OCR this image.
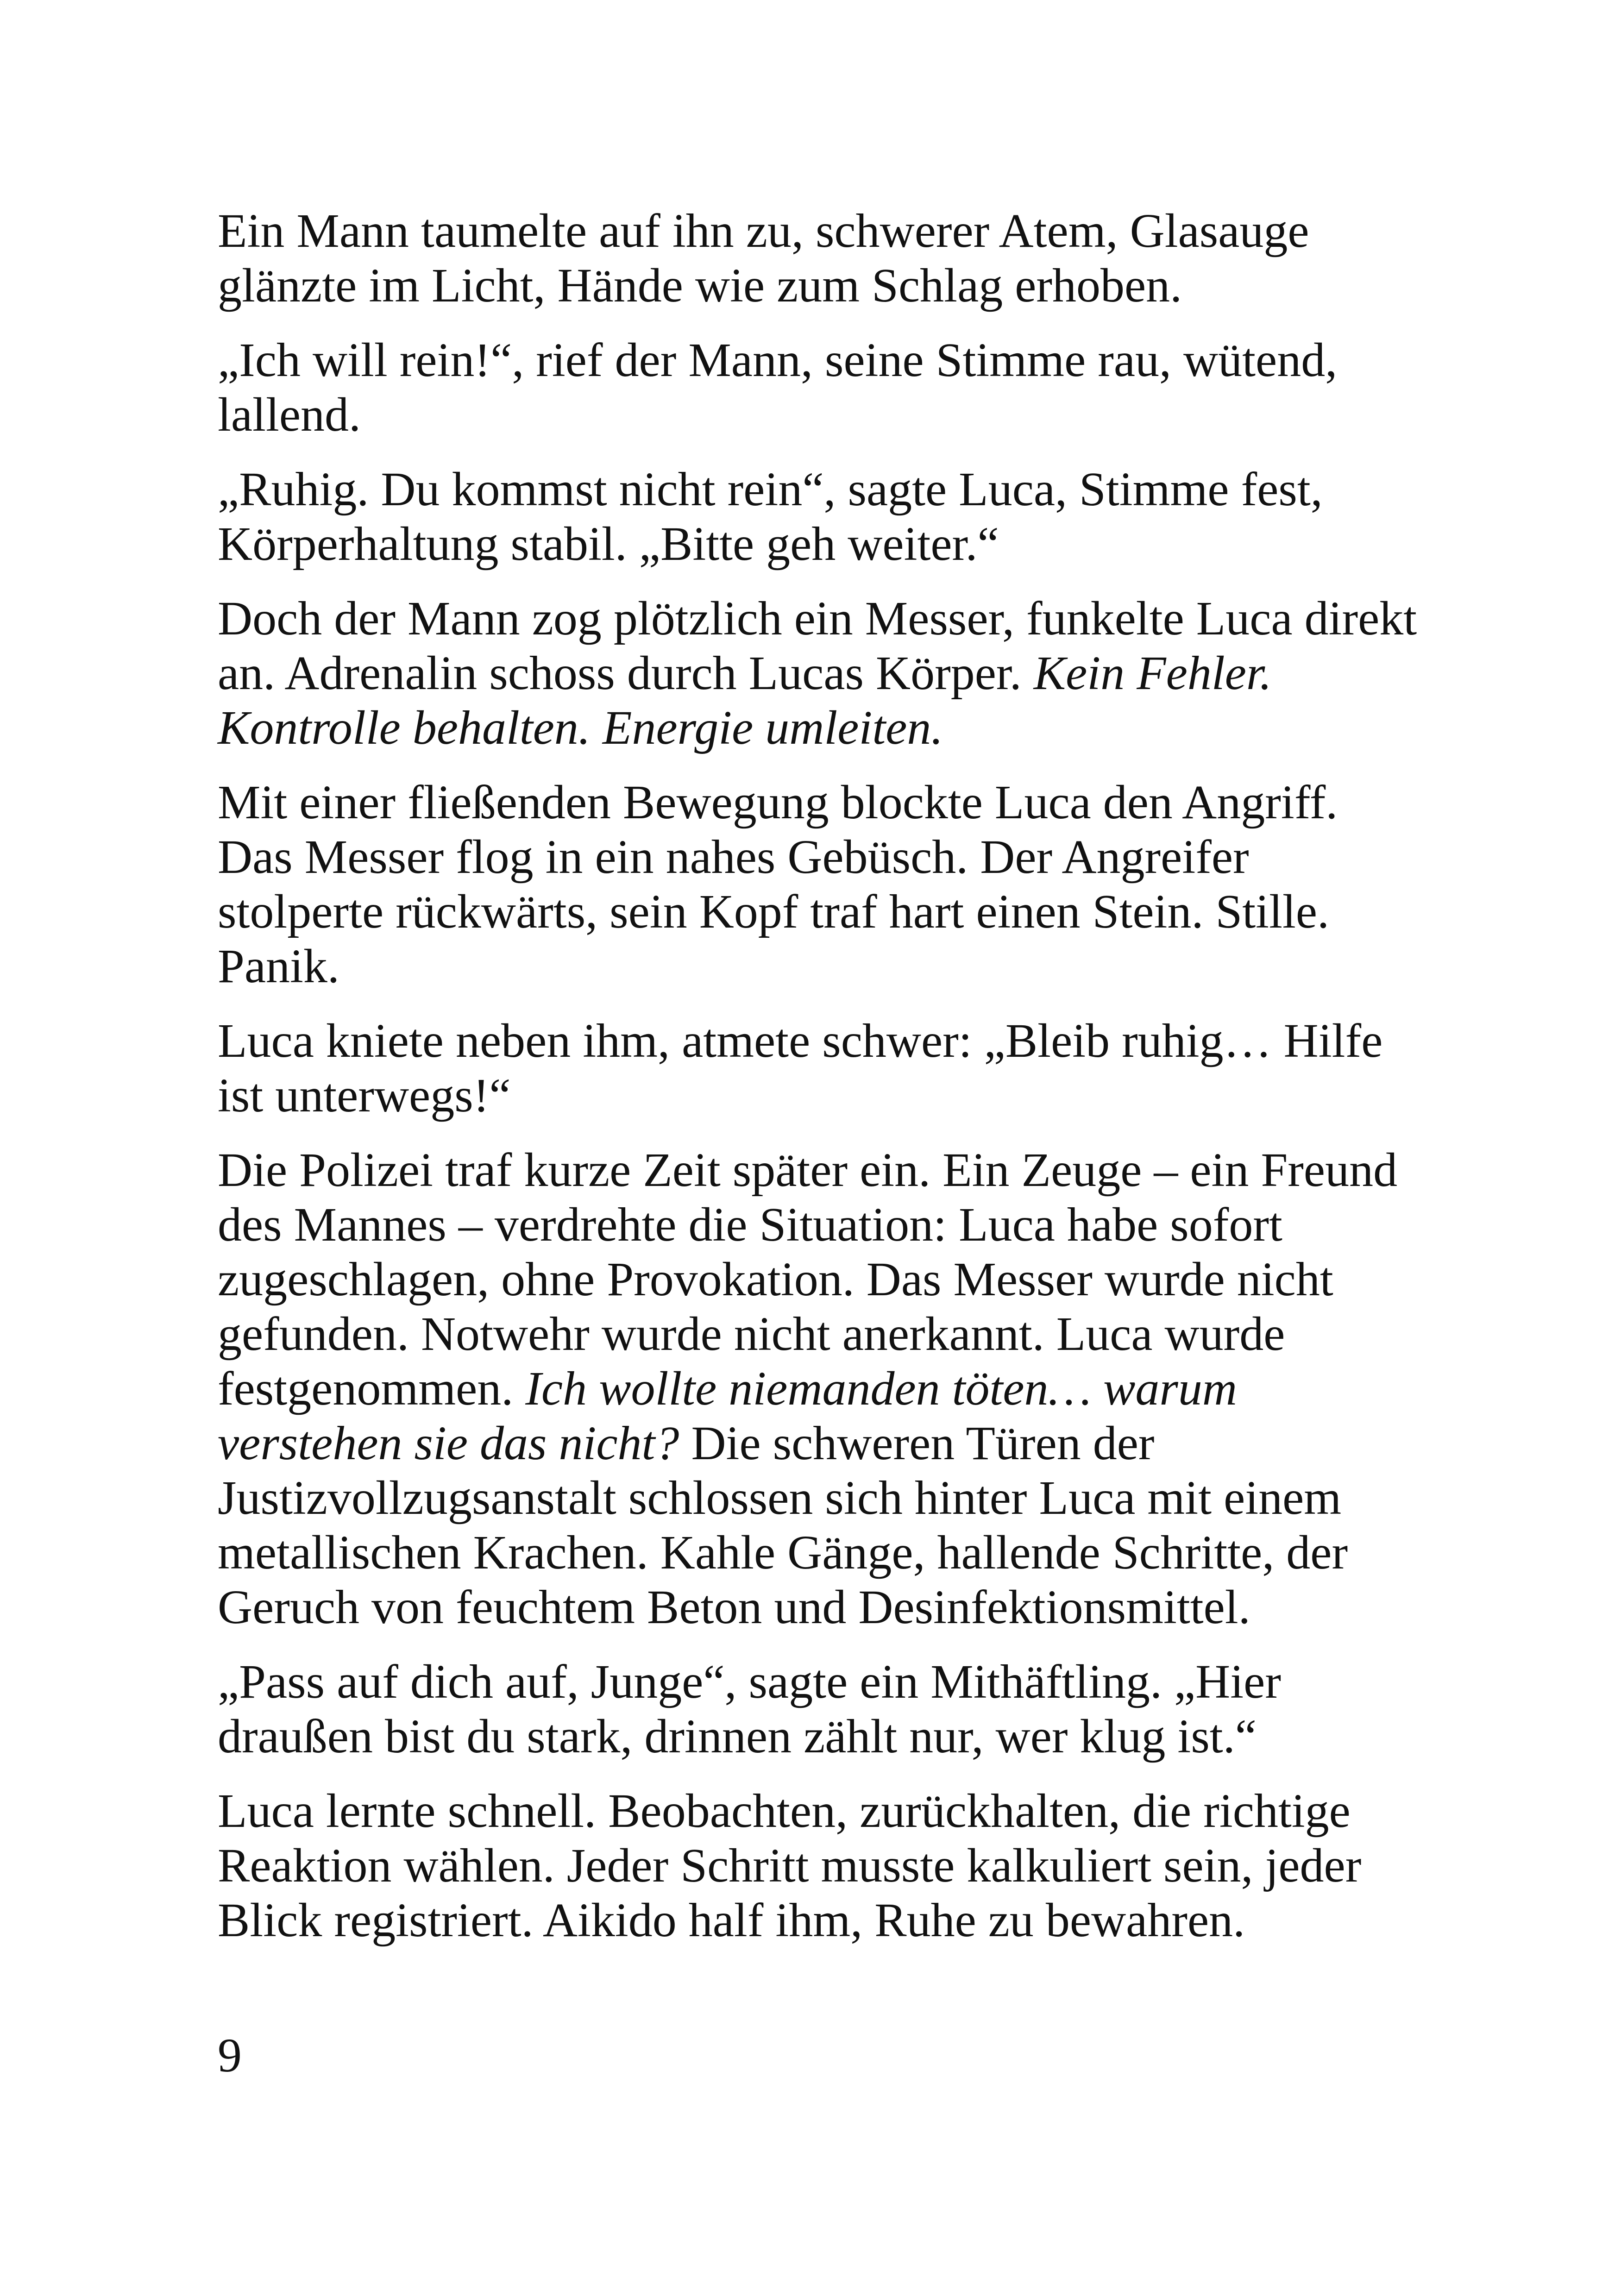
Ein Mann taumelte auf ihn zu, schwerer Atem, Glasauge glänzte im Licht, Hände wie zum Schlag erhoben.

„Ich will rein!“, rief der Mann, seine Stimme rau, wütend, lallend.

„Ruhig. Du kommst nicht rein“, sagte Luca, Stimme fest, Körperhaltung stabil. „Bitte geh weiter.“

Doch der Mann zog plötzlich ein Messer, funkelte Luca direkt an. Adrenalin schoss durch Lucas Körper. Kein Fehler. Kontrolle behalten. Energie umleiten.

Mit einer fließenden Bewegung blockte Luca den Angriff. Das Messer flog in ein nahes Gebüsch. Der Angreifer stolperte rückwärts, sein Kopf traf hart einen Stein. Stille. Panik.

Luca kniete neben ihm, atmete schwer: „Bleib ruhig… Hilfe ist unterwegs!“

Die Polizei traf kurze Zeit später ein. Ein Zeuge – ein Freund des Mannes – verdrehte die Situation: Luca habe sofort zugeschlagen, ohne Provokation. Das Messer wurde nicht gefunden. Notwehr wurde nicht anerkannt. Luca wurde festgenommen. Ich wollte niemanden töten… warum verstehen sie das nicht? Die schweren Türen der Justizvollzugsanstalt schlossen sich hinter Luca mit einem metallischen Krachen. Kahle Gänge, hallende Schritte, der Geruch von feuchtem Beton und Desinfektionsmittel.

„Pass auf dich auf, Junge“, sagte ein Mithäftling. „Hier draußen bist du stark, drinnen zählt nur, wer klug ist.“

Luca lernte schnell. Beobachten, zurückhalten, die richtige Reaktion wählen. Jeder Schritt musste kalkuliert sein, jeder Blick registriert. Aikido half ihm, Ruhe zu bewahren.

9
